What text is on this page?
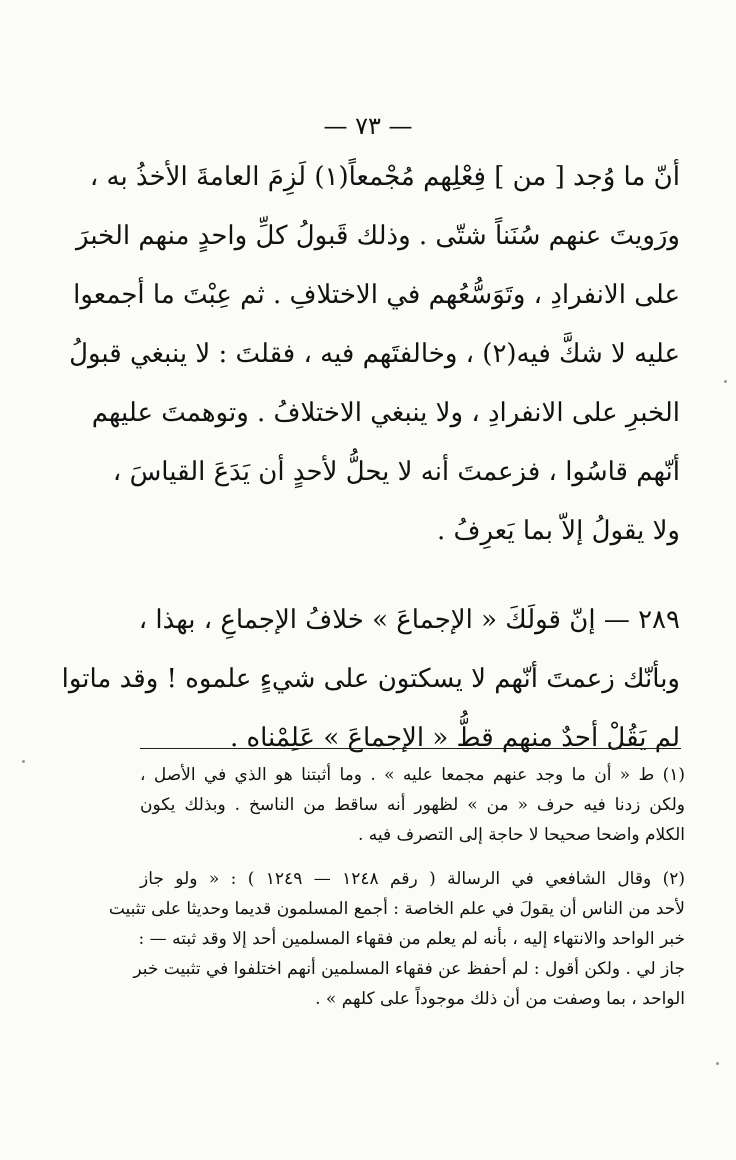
— ٧٣ —
أنّ ما وُجد [ من ] فِعْلِهم مُجْمعاً(١) لَزِمَ العامةَ الأخذُ به ،
ورَويتَ عنهم سُنَناً شتّى . وذلك قَبولُ كلِّ واحدٍ منهم الخبرَ
على الانفرادِ ، وتَوَسُّعُهم في الاختلافِ . ثم عِبْتَ ما أجمعوا
عليه لا شكَّ فيه(٢) ، وخالفتَهم فيه ، فقلتَ : لا ينبغي قبولُ
الخبرِ على الانفرادِ ، ولا ينبغي الاختلافُ . وتوهمتَ عليهم
أنّهم قاسُوا ، فزعمتَ أنه لا يحلُّ لأحدٍ أن يَدَعَ القياسَ ،
ولا يقولُ إلاّ بما يَعرِفُ .
٢٨٩ — إنّ قولَكَ « الإجماعَ » خلافُ الإجماعِ ، بهذا ،
وبأنّك زعمتَ أنّهم لا يسكتون على شيءٍ علموه ! وقد ماتوا
لم يَقُلْ أحدٌ منهم قطُّ « الإجماعَ » عَلِمْناه .
(١) ط « أن ما وجد عنهم مجمعا عليه » . وما أثبتنا هو الذي في الأصل ،
ولكن زدنا فيه حرف « من » لظهور أنه ساقط من الناسخ . وبذلك يكون
الكلام واضحا صحيحا لا حاجة إلى التصرف فيه .
(٢) وقال الشافعي في الرسالة ( رقم ١٢٤٨ — ١٢٤٩ ) : « ولو جاز
لأحد من الناس أن يقولَ في علم الخاصة : أجمع المسلمون قديما وحديثا على تثبيت
خبر الواحد والانتهاء إليه ، بأنه لم يعلم من فقهاء المسلمين أحد إلا وقد ثبته — :
جاز لي . ولكن أقول : لم أحفظ عن فقهاء المسلمين أنهم اختلفوا في تثبيت خبر
الواحد ، بما وصفت من أن ذلك موجوداً على كلهم » .
